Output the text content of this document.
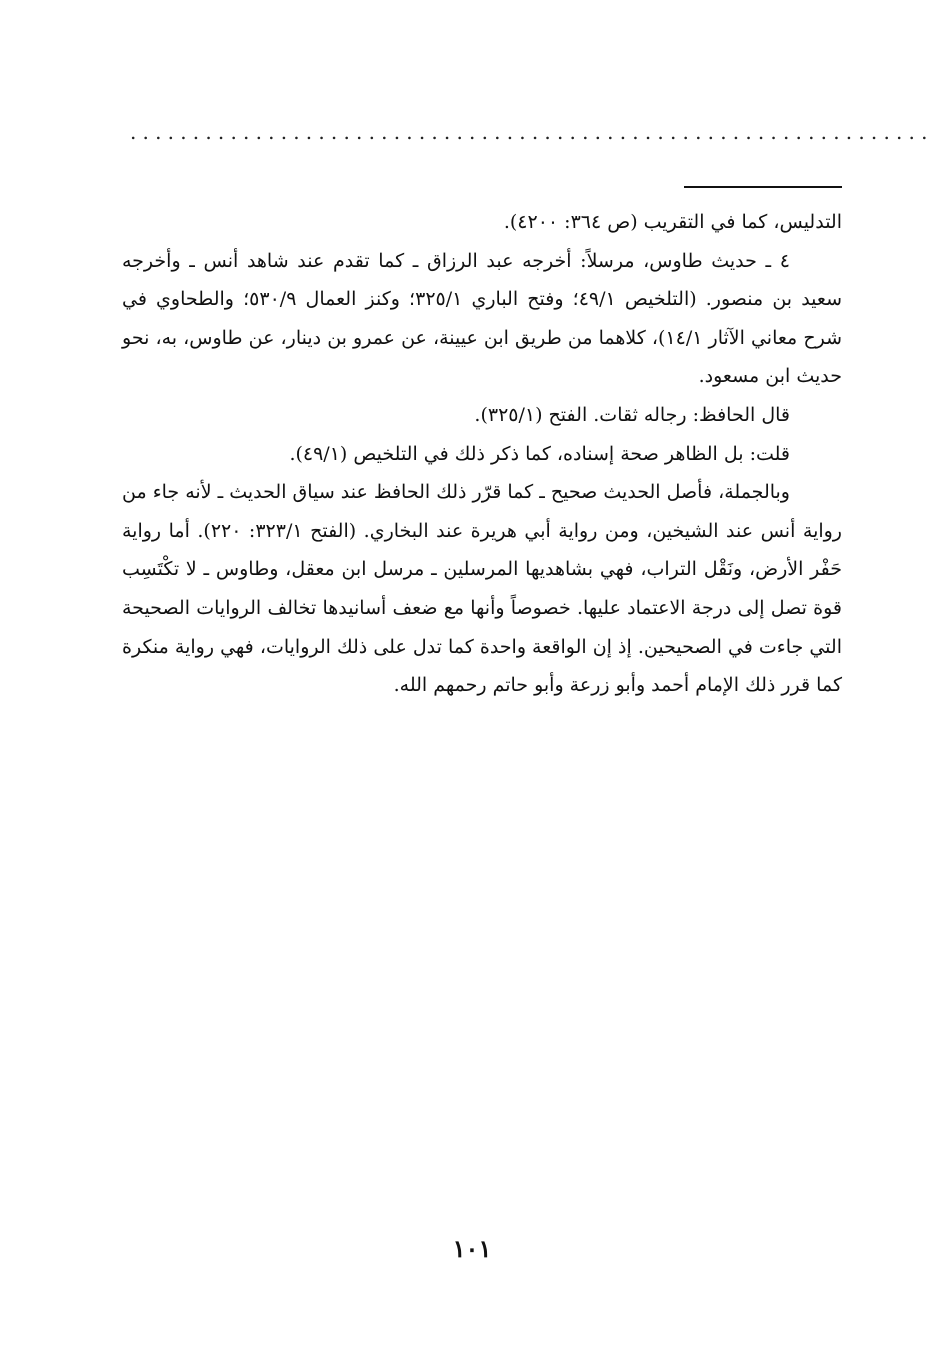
................................................................

التدليس، كما في التقريب (ص ٣٦٤: ٤٢٠٠).

٤ ـ حديث طاوس، مرسلاً: أخرجه عبد الرزاق ـ كما تقدم عند شاهد أنس ـ وأخرجه سعيد بن منصور. (التلخيص ٤٩/١؛ وفتح الباري ٣٢٥/١؛ وكنز العمال ٥٣٠/٩؛ والطحاوي في شرح معاني الآثار ١٤/١)، كلاهما من طريق ابن عيينة، عن عمرو بن دينار، عن طاوس، به، نحو حديث ابن مسعود.

قال الحافظ: رجاله ثقات. الفتح (٣٢٥/١).

قلت: بل الظاهر صحة إسناده، كما ذكر ذلك في التلخيص (٤٩/١).

وبالجملة، فأصل الحديث صحيح ـ كما قرّر ذلك الحافظ عند سياق الحديث ـ لأنه جاء من رواية أنس عند الشيخين، ومن رواية أبي هريرة عند البخاري. (الفتح ٣٢٣/١: ٢٢٠). أما رواية حَفْر الأرض، ونَقْل التراب، فهي بشاهديها المرسلين ـ مرسل ابن معقل، وطاوس ـ لا تكْتَسِب قوة تصل إلى درجة الاعتماد عليها. خصوصاً وأنها مع ضعف أسانيدها تخالف الروايات الصحيحة التي جاءت في الصحيحين. إذ إن الواقعة واحدة كما تدل على ذلك الروايات، فهي رواية منكرة كما قرر ذلك الإمام أحمد وأبو زرعة وأبو حاتم رحمهم الله.

١٠١
